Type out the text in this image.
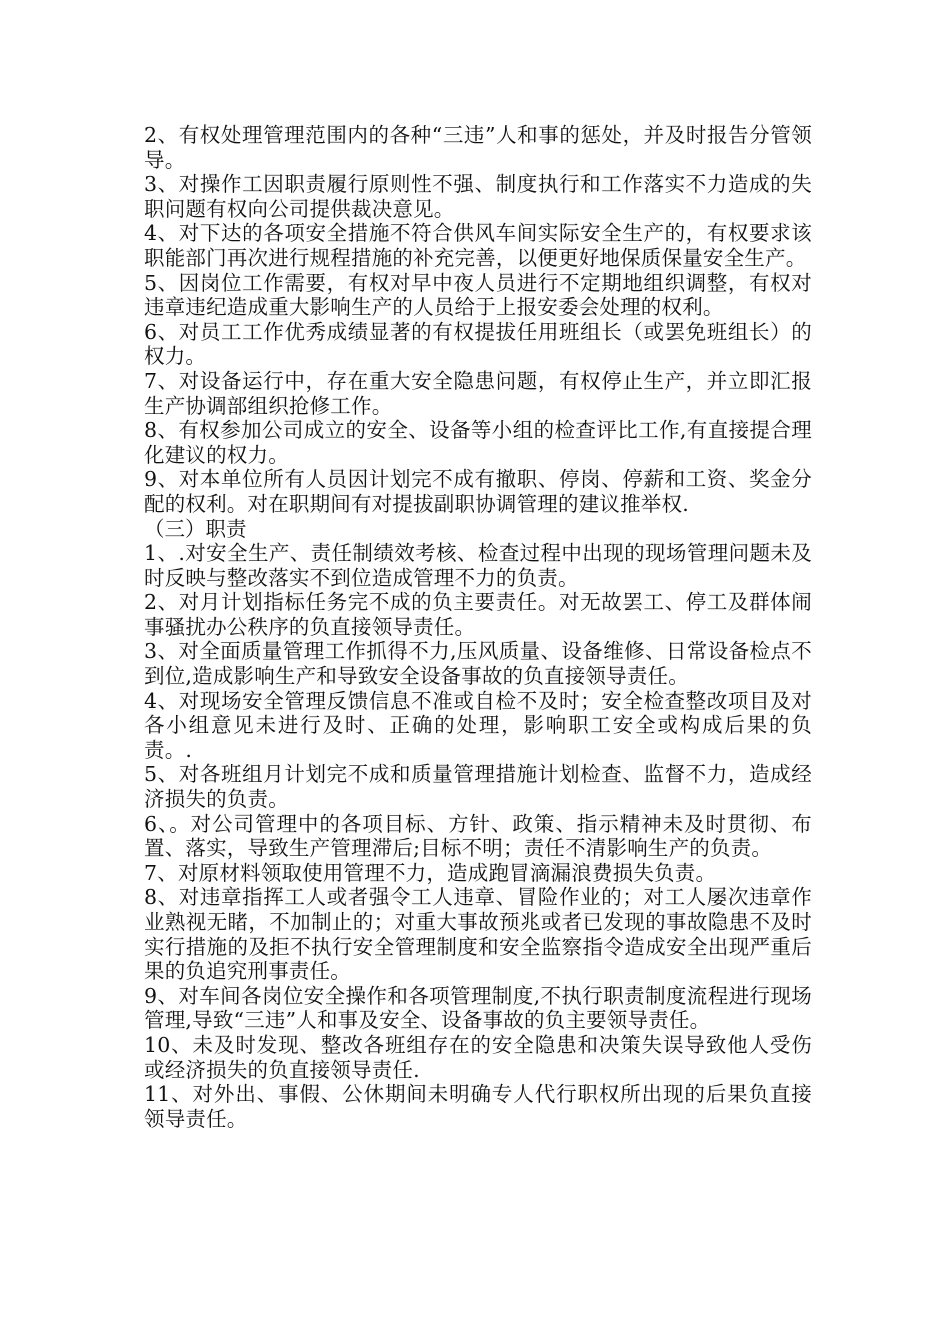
2、有权处理管理范围内的各种“三违”人和事的惩处，并及时报告分管领导。

3、对操作工因职责履行原则性不强、制度执行和工作落实不力造成的失职问题有权向公司提供裁决意见。

4、对下达的各项安全措施不符合供风车间实际安全生产的，有权要求该职能部门再次进行规程措施的补充完善，以便更好地保质保量安全生产。

5、因岗位工作需要，有权对早中夜人员进行不定期地组织调整，有权对违章违纪造成重大影响生产的人员给于上报安委会处理的权利。

6、对员工工作优秀成绩显著的有权提拔任用班组长（或罢免班组长）的权力。

7、对设备运行中，存在重大安全隐患问题，有权停止生产，并立即汇报生产协调部组织抢修工作。

8、有权参加公司成立的安全、设备等小组的检查评比工作,有直接提合理化建议的权力。

9、对本单位所有人员因计划完不成有撤职、停岗、停薪和工资、奖金分配的权利。对在职期间有对提拔副职协调管理的建议推举权.

（三）职责

1、.对安全生产、责任制绩效考核、检查过程中出现的现场管理问题未及时反映与整改落实不到位造成管理不力的负责。

2、对月计划指标任务完不成的负主要责任。对无故罢工、停工及群体闹事骚扰办公秩序的负直接领导责任。

3、对全面质量管理工作抓得不力,压风质量、设备维修、日常设备检点不到位,造成影响生产和导致安全设备事故的负直接领导责任。

4、对现场安全管理反馈信息不准或自检不及时；安全检查整改项目及对各小组意见未进行及时、正确的处理，影响职工安全或构成后果的负责。.

5、对各班组月计划完不成和质量管理措施计划检查、监督不力，造成经济损失的负责。

6、。对公司管理中的各项目标、方针、政策、指示精神未及时贯彻、布置、落实，导致生产管理滞后;目标不明；责任不清影响生产的负责。

7、对原材料领取使用管理不力，造成跑冒滴漏浪费损失负责。

8、对违章指挥工人或者强令工人违章、冒险作业的；对工人屡次违章作业熟视无睹，不加制止的；对重大事故预兆或者已发现的事故隐患不及时实行措施的及拒不执行安全管理制度和安全监察指令造成安全出现严重后果的负追究刑事责任。

9、对车间各岗位安全操作和各项管理制度,不执行职责制度流程进行现场管理,导致“三违”人和事及安全、设备事故的负主要领导责任。

10、未及时发现、整改各班组存在的安全隐患和决策失误导致他人受伤或经济损失的负直接领导责任.

11、对外出、事假、公休期间未明确专人代行职权所出现的后果负直接领导责任。
